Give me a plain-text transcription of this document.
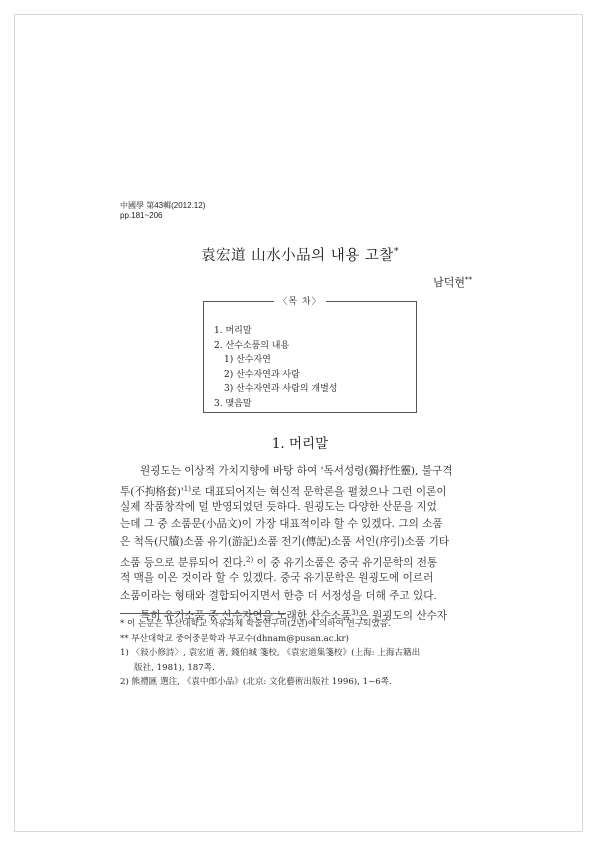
中國學 第43輯(2012.12)
pp.181~206
袁宏道 山水小品의 내용 고찰*
남덕현**
〈목 차〉
1. 머리말
2. 산수소품의 내용
1) 산수자연
2) 산수자연과 사람
3) 산수자연과 사람의 개별성
3. 맺음말
1. 머리말
원굉도는 이상적 가치지향에 바탕 하여 '독서성령(獨抒性靈), 불구격
투(不拘格套)'$^{1)}$로 대표되어지는 혁신적 문학론을 펼쳤으나 그런 이론이
실제 작품창작에 덜 반영되었던 듯하다. 원굉도는 다양한 산문을 지었
는데 그 중 소품문(小品文)이 가장 대표적이라 할 수 있겠다. 그의 소품
은 척독(尺牘)소품 유기(游記)소품 전기(傳記)소품 서인(序引)소품 기타
소품 등으로 분류되어 진다.$^{2)}$ 이 중 유기소품은 중국 유기문학의 전통
적 맥을 이은 것이라 할 수 있겠다. 중국 유기문학은 원굉도에 이르러
소품이라는 형태와 결합되어지면서 한층 더 서정성을 더해 주고 있다.
특히 유기소품 중 산수자연을 노래한 산수소품$^{3)}$은 원굉도의 산수자
* 이 논문은 부산대학교 자유과제 학술연구비(2년)에 의하여 연구되었음.
** 부산대학교 중어중문학과 부교수(dhnam@pusan.ac.kr)
1) 〈敍小修詩〉, 袁宏道 著, 錢伯城 箋校, 《袁宏道集箋校》(上海: 上海古籍出
版社, 1981), 187쪽.
2) 熊禮匯 選注, 《袁中郎小品》(北京: 文化藝術出版社 1996), 1~6쪽.
